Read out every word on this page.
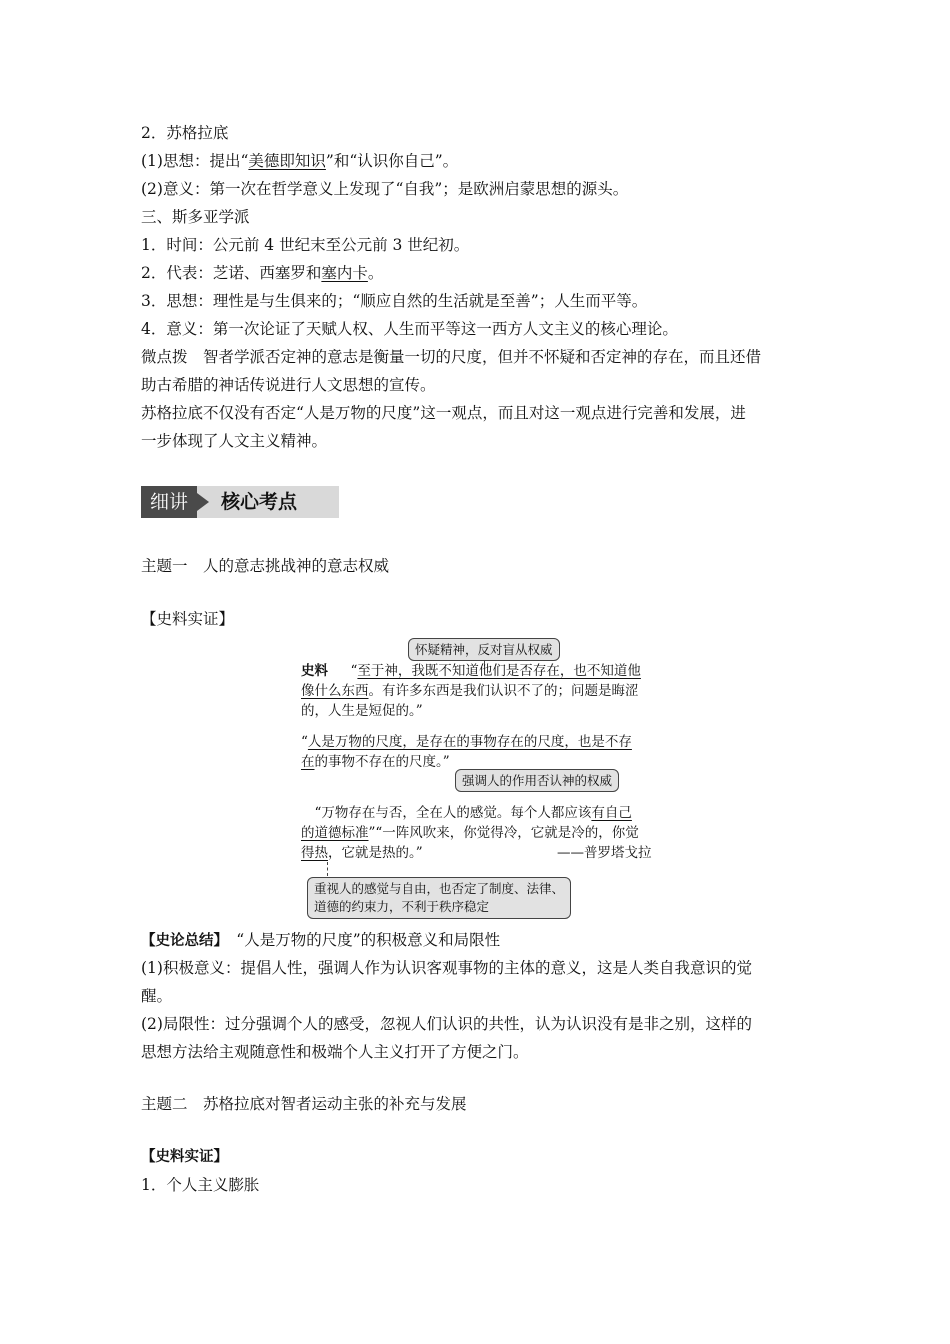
2．苏格拉底
(1)思想：提出“美德即知识”和“认识你自己”。
(2)意义：第一次在哲学意义上发现了“自我”；是欧洲启蒙思想的源头。
三、斯多亚学派
1．时间：公元前 4 世纪末至公元前 3 世纪初。
2．代表：芝诺、西塞罗和塞内卡。
3．思想：理性是与生俱来的；“顺应自然的生活就是至善”；人生而平等。
4．意义：第一次论证了天赋人权、人生而平等这一西方人文主义的核心理论。
微点拨　智者学派否定神的意志是衡量一切的尺度，但并不怀疑和否定神的存在，而且还借
助古希腊的神话传说进行人文思想的宣传。
苏格拉底不仅没有否定“人是万物的尺度”这一观点，而且对这一观点进行完善和发展，进
一步体现了人文主义精神。
细讲	核心考点
主题一　人的意志挑战神的意志权威
【史料实证】
怀疑精神，反对盲从权威
史料 　“至于神，我既不知道他们是否存在，也不知道他
像什么东西。有许多东西是我们认识不了的；问题是晦涩
的，人生是短促的。”
“人是万物的尺度，是存在的事物存在的尺度，也是不存
在的事物不存在的尺度。”
强调人的作用否认神的权威
　“万物存在与否，全在人的感觉。每个人都应该有自己
的道德标准”“一阵风吹来，你觉得冷，它就是冷的，你觉
得热，它就是热的。”	——普罗塔戈拉
重视人的感觉与自由，也否定了制度、法律、
道德的约束力，不利于秩序稳定
【史论总结】　 “人是万物的尺度”的积极意义和局限性
(1)积极意义：提倡人性，强调人作为认识客观事物的主体的意义，这是人类自我意识的觉
醒。
(2)局限性：过分强调个人的感受，忽视人们认识的共性，认为认识没有是非之别，这样的
思想方法给主观随意性和极端个人主义打开了方便之门。
主题二　苏格拉底对智者运动主张的补充与发展
【史料实证】
1．个人主义膨胀
